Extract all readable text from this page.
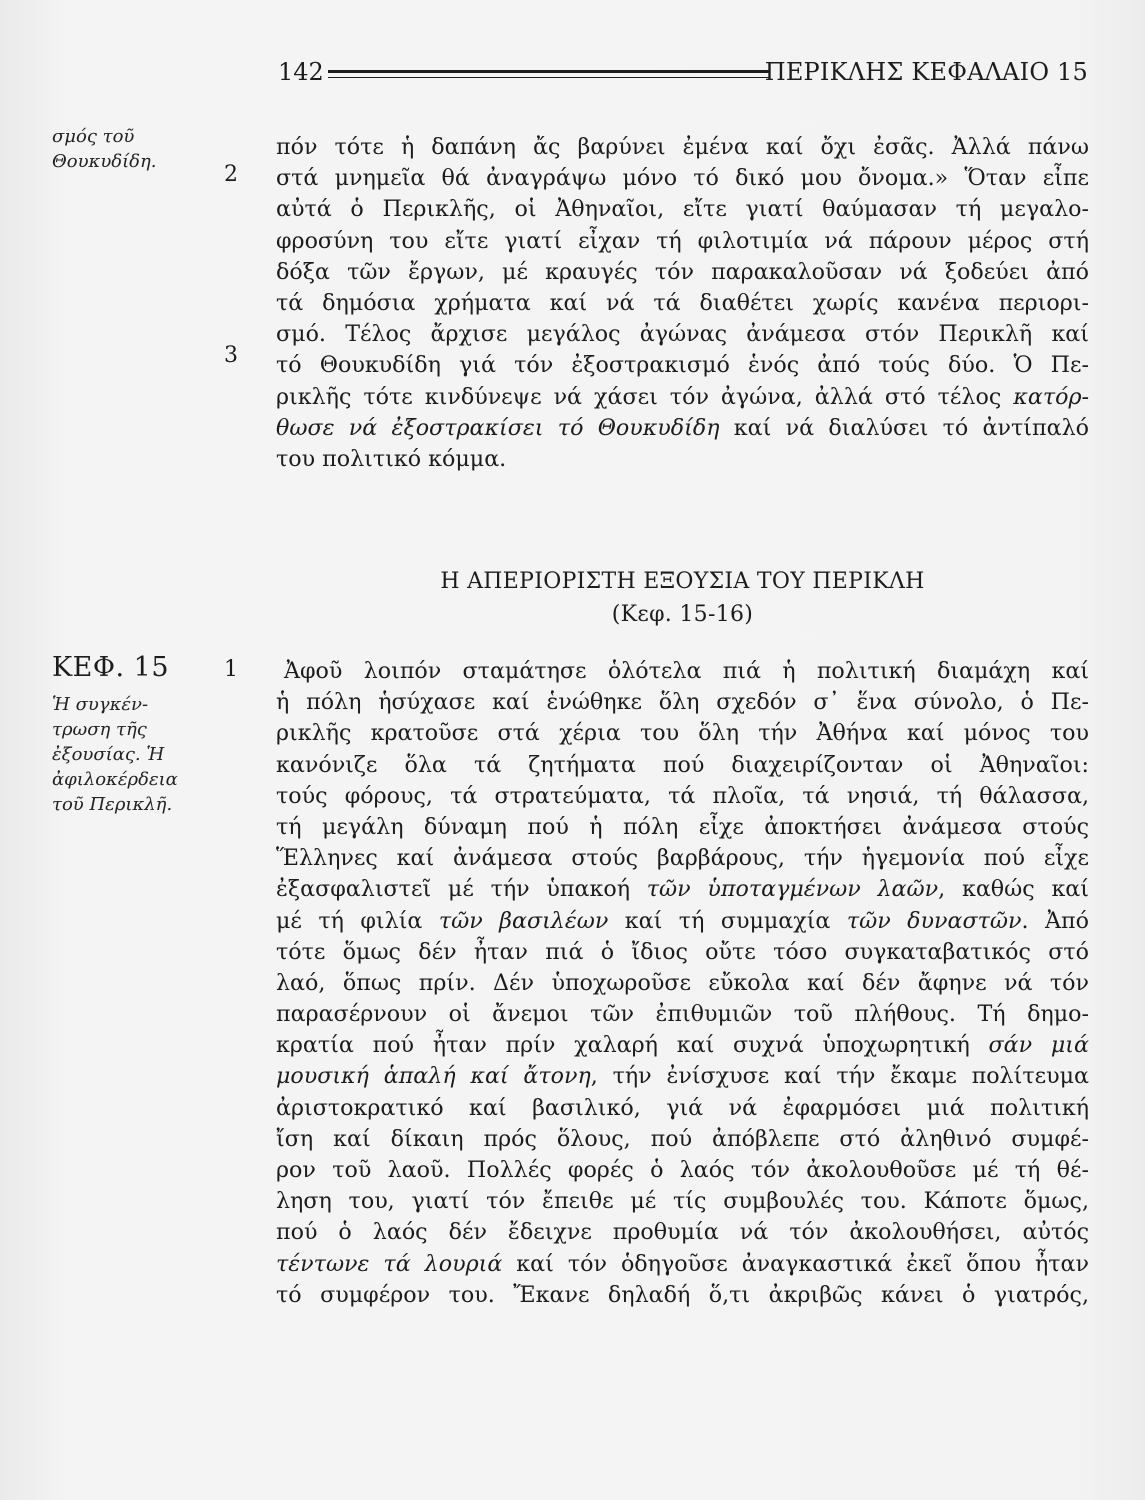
142	ΠΕΡΙΚΛΗΣ ΚΕΦΑΛΑΙΟ 15
σμός τοῦ
Θουκυδίδη.
2
3
1
ΚΕΦ. 15
Ἡ συγκέν-
τρωση τῆς
ἐξουσίας. Ἡ
ἀφιλοκέρδεια
τοῦ Περικλῆ.
πόν τότε ἡ δαπάνη ἄς βαρύνει ἐμένα καί ὄχι ἐσᾶς. Ἀλλά πάνω
στά μνημεῖα θά ἀναγράψω μόνο τό δικό μου ὄνομα.» Ὅταν εἶπε
αὐτά ὁ Περικλῆς, οἱ Ἀθηναῖοι, εἴτε γιατί θαύμασαν τή μεγαλο-
φροσύνη του εἴτε γιατί εἶχαν τή φιλοτιμία νά πάρουν μέρος στή
δόξα τῶν ἔργων, μέ κραυγές τόν παρακαλοῦσαν νά ξοδεύει ἀπό
τά δημόσια χρήματα καί νά τά διαθέτει χωρίς κανένα περιορι-
σμό. Τέλος ἄρχισε μεγάλος ἀγώνας ἀνάμεσα στόν Περικλῆ καί
τό Θουκυδίδη γιά τόν ἐξοστρακισμό ἑνός ἀπό τούς δύο. Ὁ Πε-
ρικλῆς τότε κινδύνεψε νά χάσει τόν ἀγώνα, ἀλλά στό τέλος κατόρ-
θωσε νά ἐξοστρακίσει τό Θουκυδίδη καί νά διαλύσει τό ἀντίπαλό
του πολιτικό κόμμα.
Η ΑΠΕΡΙΟΡΙΣΤΗ ΕΞΟΥΣΙΑ ΤΟΥ ΠΕΡΙΚΛΗ
(Κεφ. 15-16)
Ἀφοῦ λοιπόν σταμάτησε ὁλότελα πιά ἡ πολιτική διαμάχη καί
ἡ πόλη ἡσύχασε καί ἑνώθηκε ὅλη σχεδόν σ᾽ ἕνα σύνολο, ὁ Πε-
ρικλῆς κρατοῦσε στά χέρια του ὅλη τήν Ἀθήνα καί μόνος του
κανόνιζε ὅλα τά ζητήματα πού διαχειρίζονταν οἱ Ἀθηναῖοι:
τούς φόρους, τά στρατεύματα, τά πλοῖα, τά νησιά, τή θάλασσα,
τή μεγάλη δύναμη πού ἡ πόλη εἶχε ἀποκτήσει ἀνάμεσα στούς
Ἕλληνες καί ἀνάμεσα στούς βαρβάρους, τήν ἡγεμονία πού εἶχε
ἐξασφαλιστεῖ μέ τήν ὑπακοή τῶν ὑποταγμένων λαῶν, καθώς καί
μέ τή φιλία τῶν βασιλέων καί τή συμμαχία τῶν δυναστῶν. Ἀπό
τότε ὅμως δέν ἦταν πιά ὁ ἴδιος οὔτε τόσο συγκαταβατικός στό
λαό, ὅπως πρίν. Δέν ὑποχωροῦσε εὔκολα καί δέν ἄφηνε νά τόν
παρασέρνουν οἱ ἄνεμοι τῶν ἐπιθυμιῶν τοῦ πλήθους. Τή δημο-
κρατία πού ἦταν πρίν χαλαρή καί συχνά ὑποχωρητική σάν μιά
μουσική ἁπαλή καί ἄτονη, τήν ἐνίσχυσε καί τήν ἔκαμε πολίτευμα
ἀριστοκρατικό καί βασιλικό, γιά νά ἐφαρμόσει μιά πολιτική
ἴση καί δίκαιη πρός ὅλους, πού ἀπόβλεπε στό ἀληθινό συμφέ-
ρον τοῦ λαοῦ. Πολλές φορές ὁ λαός τόν ἀκολουθοῦσε μέ τή θέ-
ληση του, γιατί τόν ἔπειθε μέ τίς συμβουλές του. Κάποτε ὅμως,
πού ὁ λαός δέν ἔδειχνε προθυμία νά τόν ἀκολουθήσει, αὐτός
τέντωνε τά λουριά καί τόν ὁδηγοῦσε ἀναγκαστικά ἐκεῖ ὅπου ἦταν
τό συμφέρον του. Ἔκανε δηλαδή ὅ,τι ἀκριβῶς κάνει ὁ γιατρός,
